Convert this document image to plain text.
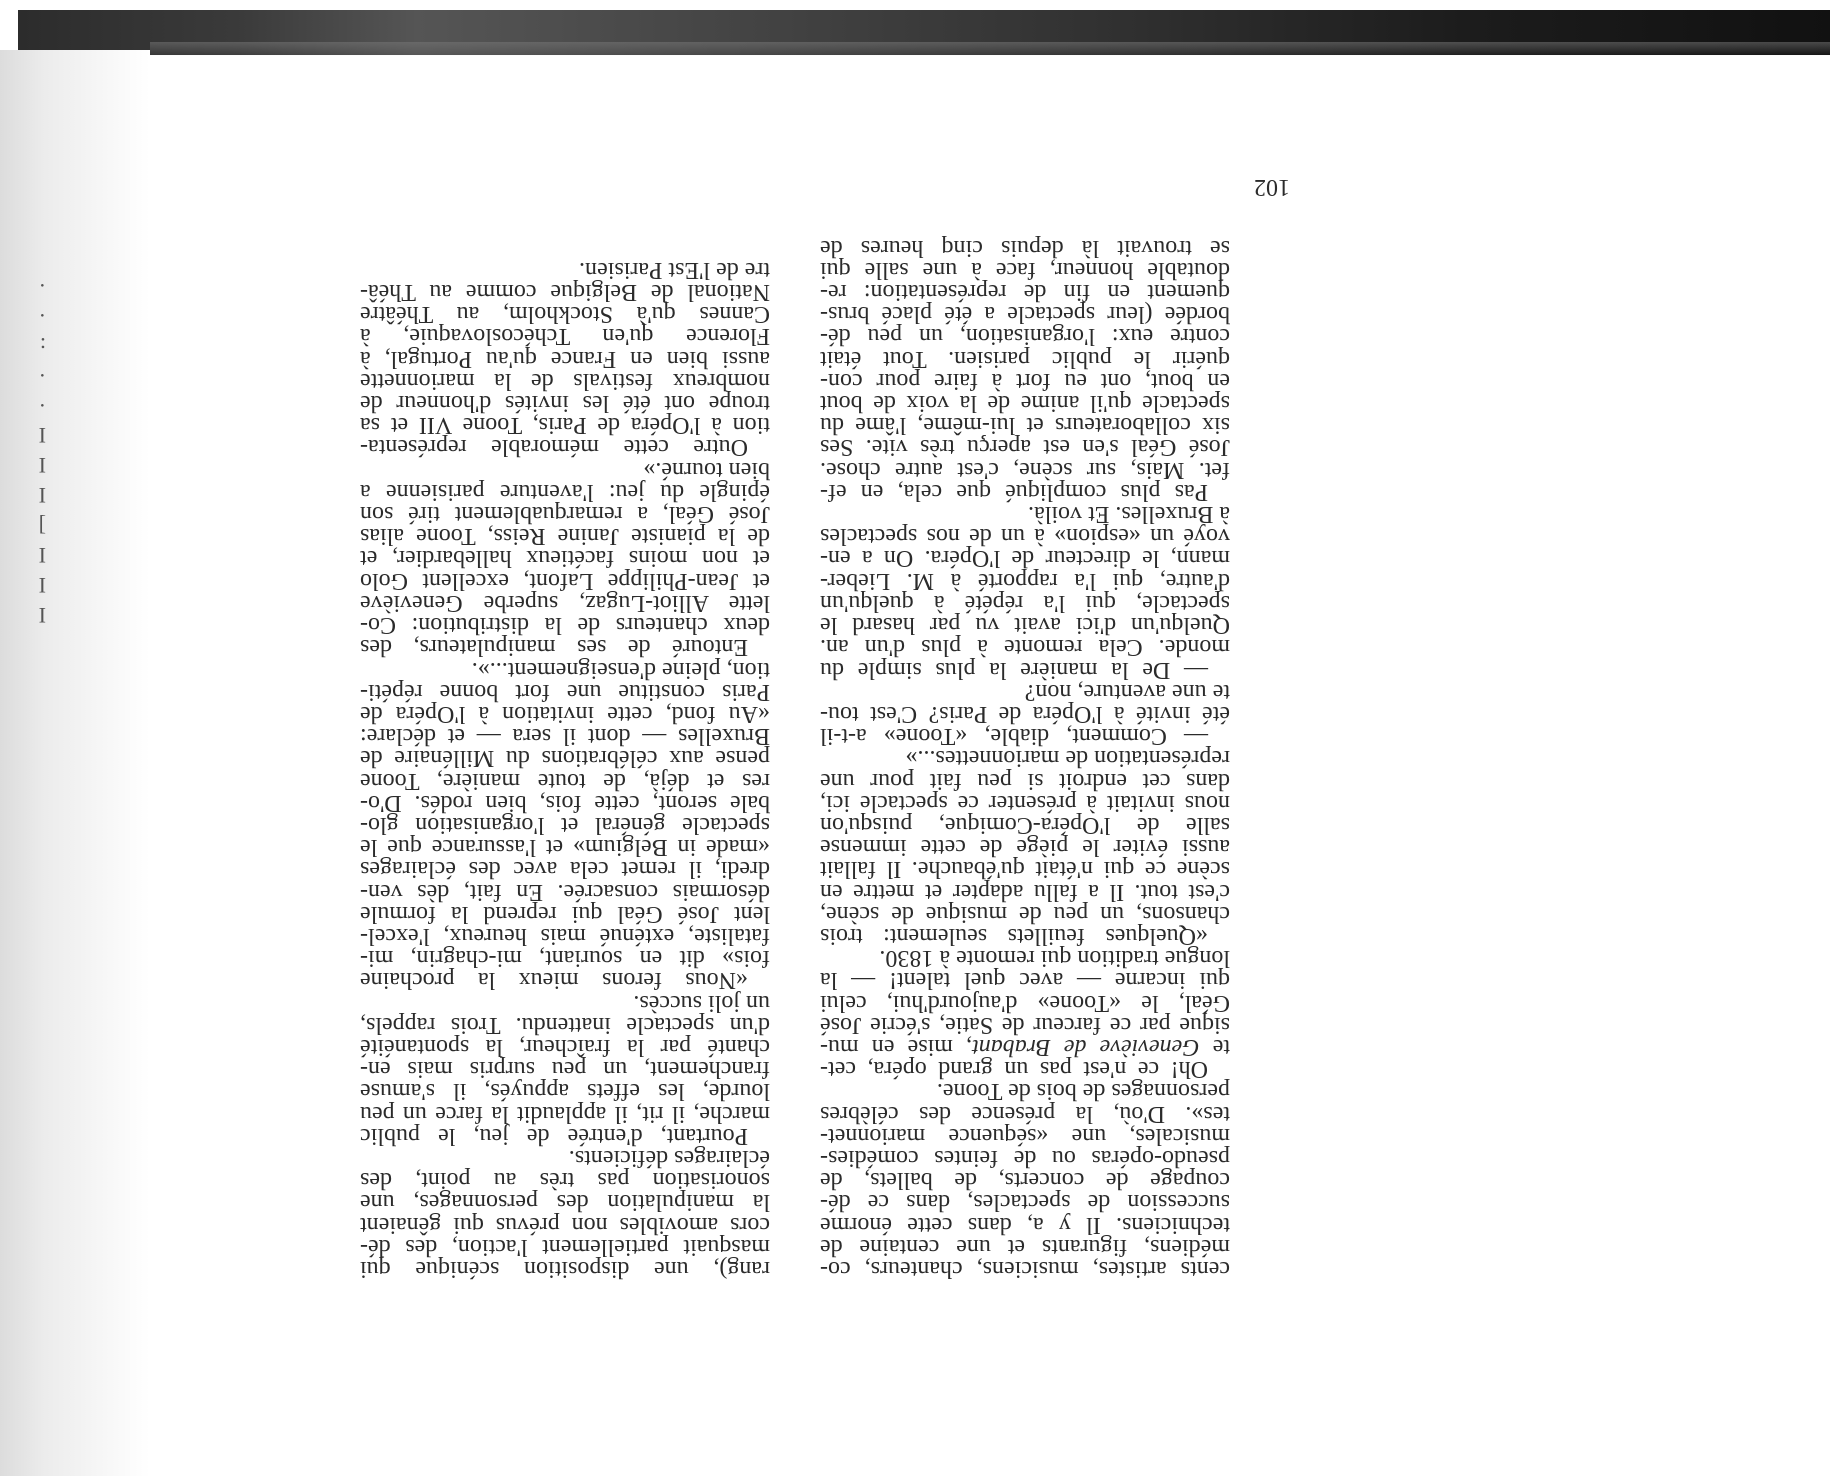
I
I
I
]
I
I
I
·
·
:
·
·
cents artistes, musiciens, chanteurs, co-
médiens, figurants et une centaine de
techniciens. Il y a, dans cette énorme
succession de spectacles, dans ce dé-
coupage de concerts, de ballets, de
pseudo-opéras ou de feintes comédies-
musicales, une «séquence marionnet-
tes». D'où, la présence des célèbres
personnages de bois de Toone.
Oh! ce n'est pas un grand opéra, cet-
te Geneviève de Brabant, mise en mu-
sique par ce farceur de Satie, s'écrie José
Géal, le «Toone» d'aujourd'hui, celui
qui incarne — avec quel talent! — la
longue tradition qui remonte à 1830.
«Quelques feuillets seulement: trois
chansons, un peu de musique de scène,
c'est tout. Il a fallu adapter et mettre en
scène ce qui n'était qu'ébauche. Il fallait
aussi éviter le piège de cette immense
salle de l'Opéra-Comique, puisqu'on
nous invitait à présenter ce spectacle ici,
dans cet endroit si peu fait pour une
représentation de marionnettes...»
— Comment, diable, «Toone» a-t-il
été invité à l'Opéra de Paris? C'est tou-
te une aventure, non?
— De la manière la plus simple du
monde. Cela remonte à plus d'un an.
Quelqu'un d'ici avait vu par hasard le
spectacle, qui l'a répété à quelqu'un
d'autre, qui l'a rapporté à M. Lieber-
mann, le directeur de l'Opéra. On a en-
voyé un «espion» à un de nos spectacles
à Bruxelles. Et voilà.
Pas plus compliqué que cela, en ef-
fet. Mais, sur scène, c'est autre chose.
José Géal s'en est aperçu très vite. Ses
six collaborateurs et lui-même, l'âme du
spectacle qu'il anime de la voix de bout
en bout, ont eu fort à faire pour con-
quérir le public parisien. Tout était
contre eux: l'organisation, un peu dé-
bordée (leur spectacle a été placé brus-
quement en fin de représentation: re-
doutable honneur, face à une salle qui
se trouvait là depuis cinq heures de
rang), une disposition scénique qui
masquait partiellement l'action, des dé-
cors amovibles non prévus qui gênaient
la manipulation des personnages, une
sonorisation pas très au point, des
éclairages déficients.
Pourtant, d'entrée de jeu, le public
marche, il rit, il applaudit la farce un peu
lourde, les effets appuyés, il s'amuse
franchement, un peu surpris mais en-
chanté par la fraîcheur, la spontanéité
d'un spectacle inattendu. Trois rappels,
un joli succès.
«Nous ferons mieux la prochaine
fois» dit en souriant, mi-chagrin, mi-
fataliste, exténué mais heureux, l'excel-
lent José Géal qui reprend la formule
désormais consacrée. En fait, dès ven-
dredi, il remet cela avec des éclairages
«made in Belgium» et l'assurance que le
spectacle général et l'organisation glo-
bale seront, cette fois, bien rodés. D'o-
res et déjà, de toute manière, Toone
pense aux célébrations du Millénaire de
Bruxelles — dont il sera — et déclare:
«Au fond, cette invitation à l'Opéra de
Paris constitue une fort bonne répéti-
tion, pleine d'enseignement...».
Entouré de ses manipulateurs, des
deux chanteurs de la distribution: Co-
lette Alliot-Lugaz, superbe Geneviève
et Jean-Philippe Lafont, excellent Golo
et non moins facétieux hallebardier, et
de la pianiste Janine Reiss, Toone alias
José Géal, a remarquablement tiré son
épingle du jeu: l'aventure parisienne a
bien tourné.»
Outre cette mémorable représenta-
tion à l'Opéra de Paris, Toone VII et sa
troupe ont été les invités d'honneur de
nombreux festivals de la marionnette
aussi bien en France qu'au Portugal, à
Florence qu'en Tchécoslovaquie, à
Cannes qu'à Stockholm, au Théâtre
National de Belgique comme au Théâ-
tre de l'Est Parisien.
102
